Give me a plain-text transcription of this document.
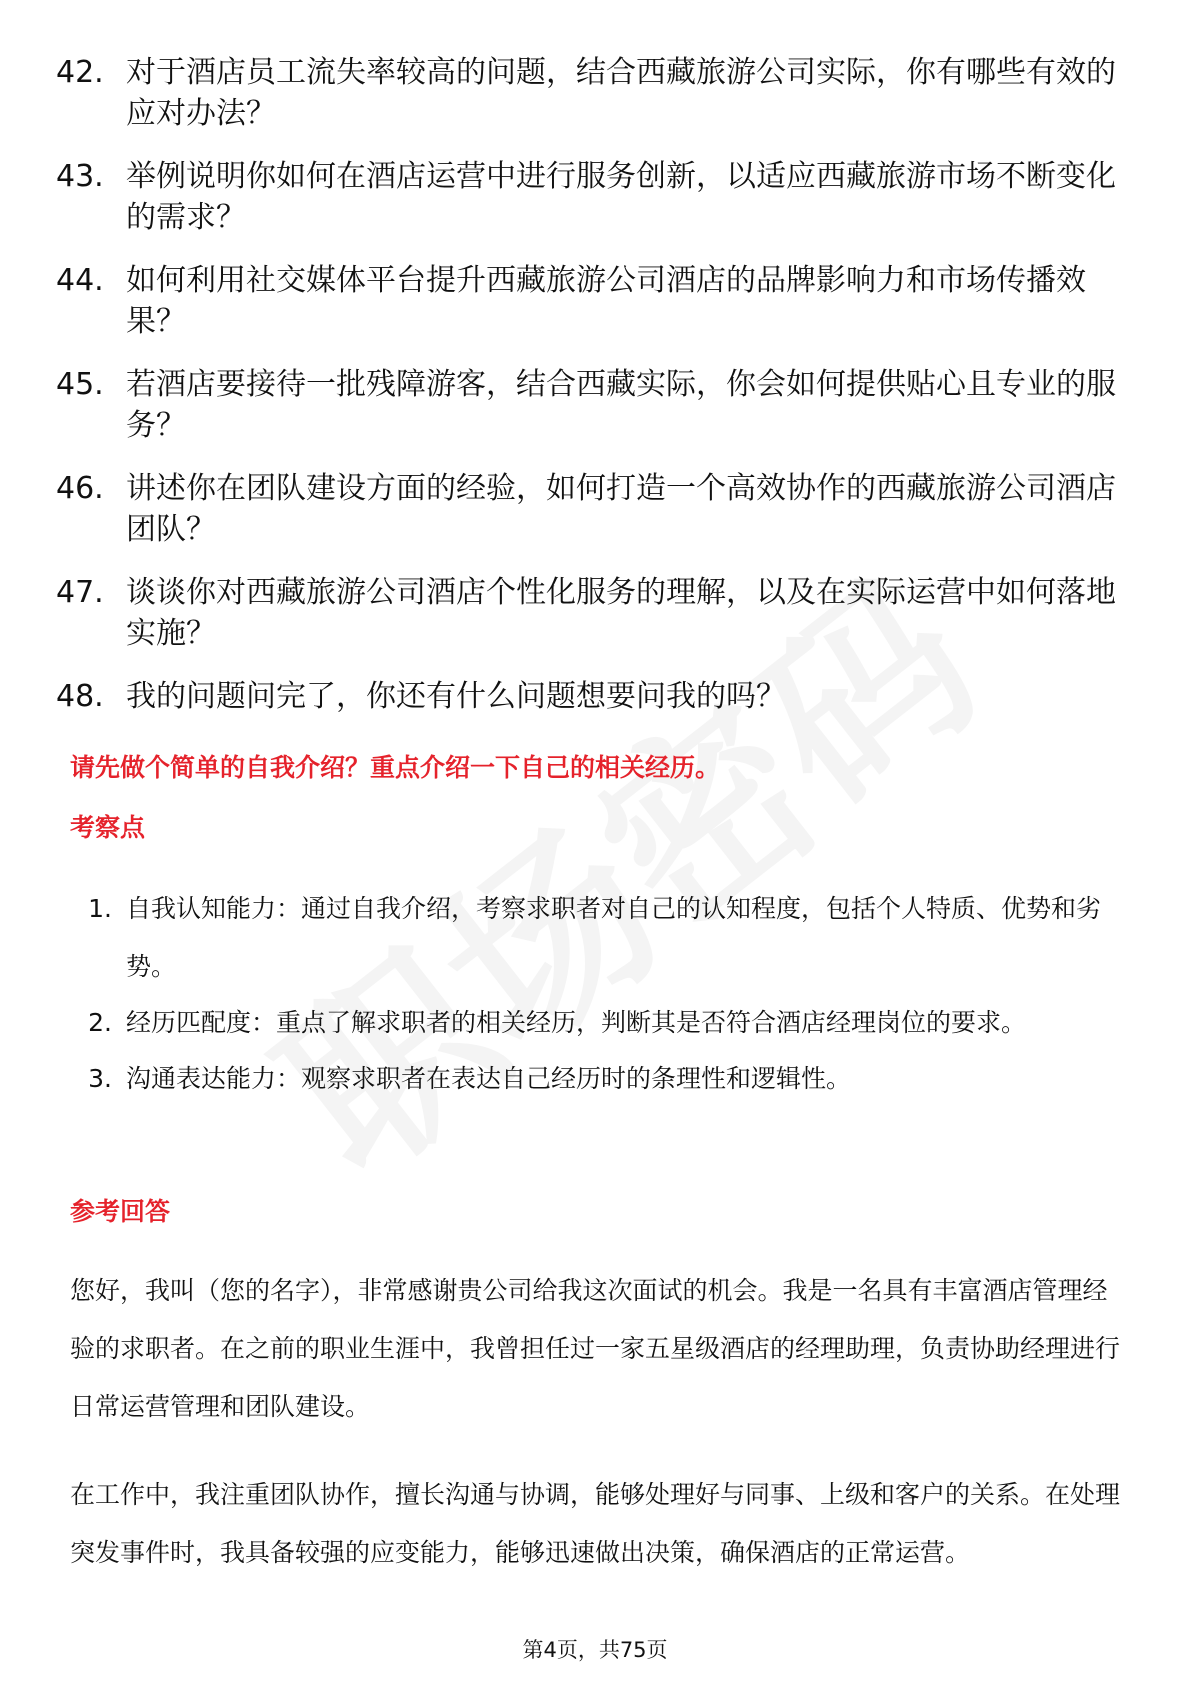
42. 对于酒店员工流失率较高的问题，结合西藏旅游公司实际，你有哪些有效的应对办法？
43. 举例说明你如何在酒店运营中进行服务创新，以适应西藏旅游市场不断变化的需求？
44. 如何利用社交媒体平台提升西藏旅游公司酒店的品牌影响力和市场传播效果？
45. 若酒店要接待一批残障游客，结合西藏实际，你会如何提供贴心且专业的服务？
46. 讲述你在团队建设方面的经验，如何打造一个高效协作的西藏旅游公司酒店团队？
47. 谈谈你对西藏旅游公司酒店个性化服务的理解，以及在实际运营中如何落地实施？
48. 我的问题问完了，你还有什么问题想要问我的吗？

请先做个简单的自我介绍？重点介绍一下自己的相关经历。

考察点

1. 自我认知能力：通过自我介绍，考察求职者对自己的认知程度，包括个人特质、优势和劣势。
2. 经历匹配度：重点了解求职者的相关经历，判断其是否符合酒店经理岗位的要求。
3. 沟通表达能力：观察求职者在表达自己经历时的条理性和逻辑性。

参考回答

您好，我叫（您的名字），非常感谢贵公司给我这次面试的机会。我是一名具有丰富酒店管理经验的求职者。在之前的职业生涯中，我曾担任过一家五星级酒店的经理助理，负责协助经理进行日常运营管理和团队建设。

在工作中，我注重团队协作，擅长沟通与协调，能够处理好与同事、上级和客户的关系。在处理突发事件时，我具备较强的应变能力，能够迅速做出决策，确保酒店的正常运营。

第4页，共75页
